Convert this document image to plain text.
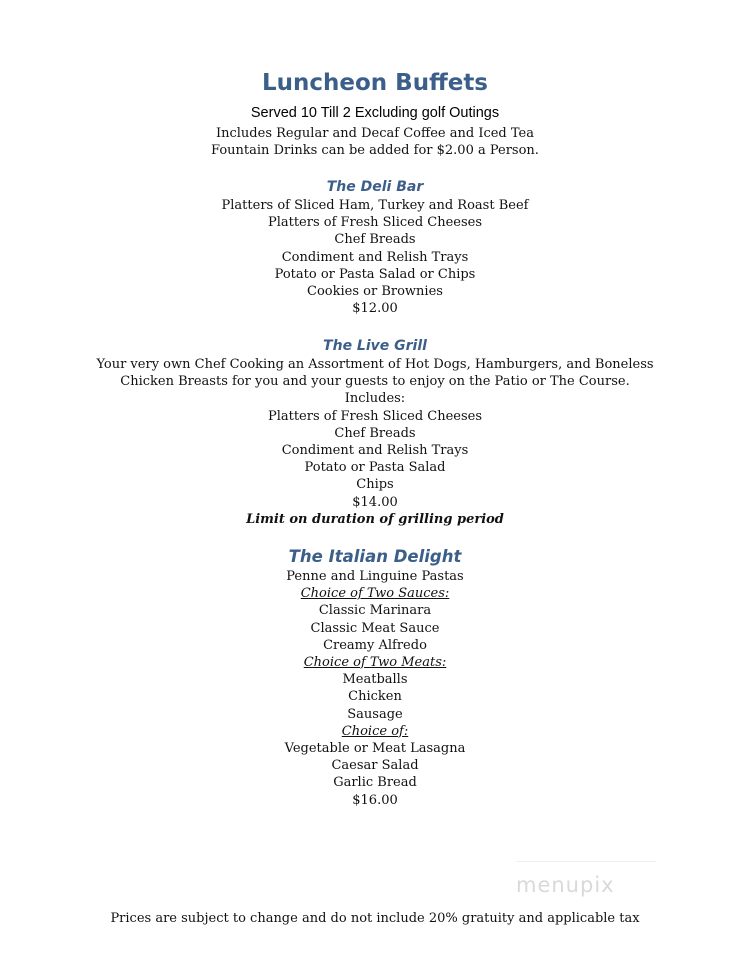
Luncheon Buffets
Served 10 Till 2 Excluding golf Outings
Includes Regular and Decaf Coffee and Iced Tea
Fountain Drinks can be added for $2.00 a Person.
The Deli Bar
Platters of Sliced Ham, Turkey and Roast Beef
Platters of Fresh Sliced Cheeses
Chef Breads
Condiment and Relish Trays
Potato or Pasta Salad or Chips
Cookies or Brownies
$12.00
The Live Grill
Your very own Chef Cooking an Assortment of Hot Dogs, Hamburgers, and Boneless
Chicken Breasts for you and your guests to enjoy on the Patio or The Course.
Includes:
Platters of Fresh Sliced Cheeses
Chef Breads
Condiment and Relish Trays
Potato or Pasta Salad
Chips
$14.00
Limit on duration of grilling period
The Italian Delight
Penne and Linguine Pastas
Choice of Two Sauces:
Classic Marinara
Classic Meat Sauce
Creamy Alfredo
Choice of Two Meats:
Meatballs
Chicken
Sausage
Choice of:
Vegetable or Meat Lasagna
Caesar Salad
Garlic Bread
$16.00
menupix
Prices are subject to change and do not include 20% gratuity and applicable tax
